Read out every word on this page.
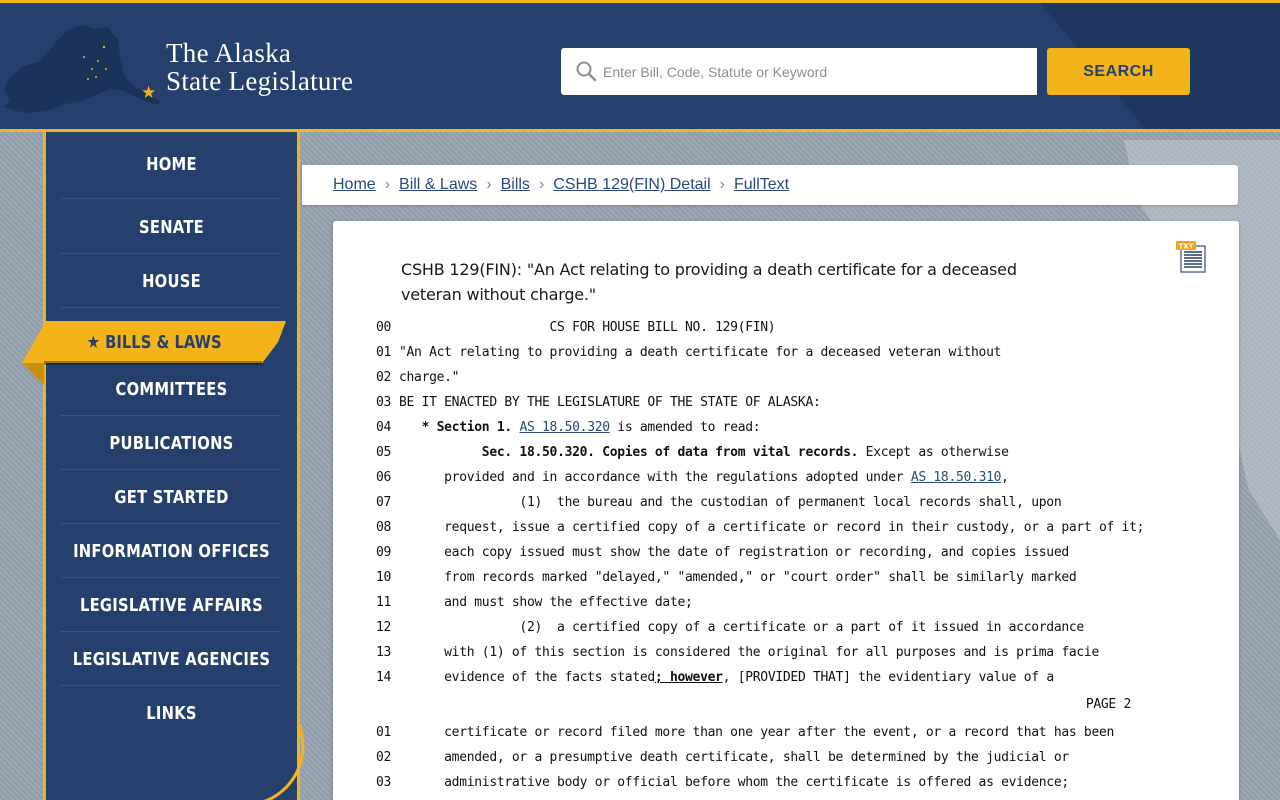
★
The Alaska
State Legislature
Enter Bill, Code, Statute or Keyword	SEARCH
HOME
SENATE
HOUSE
COMMITTEES
PUBLICATIONS
GET STARTED
INFORMATION OFFICES
LEGISLATIVE AFFAIRS
LEGISLATIVE AGENCIES
LINKS
★ BILLS & LAWS
Home › Bill & Laws › Bills › CSHB 129(FIN) Detail › FullText
TXT
CSHB 129(FIN): "An Act relating to providing a death certificate for a deceased veteran without charge."
00                    CS FOR HOUSE BILL NO. 129(FIN)
01 "An Act relating to providing a death certificate for a deceased veteran without
02 charge."
03 BE IT ENACTED BY THE LEGISLATURE OF THE STATE OF ALASKA:
04 * Section 1. AS 18.50.320 is amended to read:
05	Sec. 18.50.320. Copies of data from vital records. Except as otherwise
06      provided and in accordance with the regulations adopted under AS 18.50.310,
07                (1)  the bureau and the custodian of permanent local records shall, upon
08      request, issue a certified copy of a certificate or record in their custody, or a part of it;
09      each copy issued must show the date of registration or recording, and copies issued
10      from records marked "delayed," "amended," or "court order" shall be similarly marked
11      and must show the effective date;
12                (2)  a certified copy of a certificate or a part of it issued in accordance
13      with (1) of this section is considered the original for all purposes and is prima facie
14      evidence of the facts stated; however, [PROVIDED THAT] the evidentiary value of a
PAGE 2
01      certificate or record filed more than one year after the event, or a record that has been
02      amended, or a presumptive death certificate, shall be determined by the judicial or
03      administrative body or official before whom the certificate is offered as evidence;
